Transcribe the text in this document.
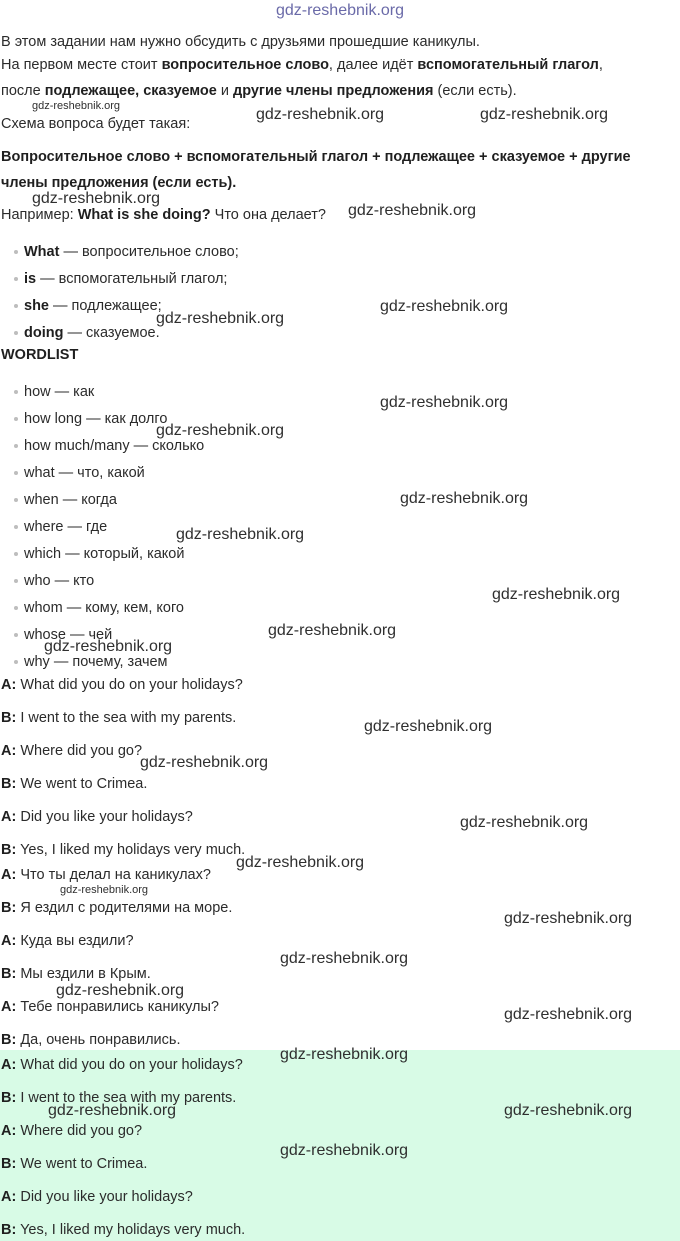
gdz-reshebnik.org
В этом задании нам нужно обсудить с друзьями прошедшие каникулы.
На первом месте стоит вопросительное слово, далее идёт вспомогательный глагол,
после подлежащее, сказуемое и другие члены предложения (если есть).
Схема вопроса будет такая:
Вопросительное слово + вспомогательный глагол + подлежащее + сказуемое + другие
члены предложения (если есть).
Например: What is she doing? Что она делает?
What — вопросительное слово;
is — вспомогательный глагол;
she — подлежащее;
doing — сказуемое.
WORDLIST
how — как
how long — как долго
how much/many — сколько
what — что, какой
when — когда
where — где
which — который, какой
who — кто
whom — кому, кем, кого
whose — чей
why — почему, зачем
A: What did you do on your holidays?
B: I went to the sea with my parents.
A: Where did you go?
B: We went to Crimea.
A: Did you like your holidays?
B: Yes, I liked my holidays very much.
A: Что ты делал на каникулах?
B: Я ездил с родителями на море.
A: Куда вы ездили?
B: Мы ездили в Крым.
A: Тебе понравились каникулы?
B: Да, очень понравились.
A: What did you do on your holidays?
B: I went to the sea with my parents.
A: Where did you go?
B: We went to Crimea.
A: Did you like your holidays?
B: Yes, I liked my holidays very much.
gdz-reshebnik.org	gdz-reshebnik.org	gdz-reshebnik.org
gdz-reshebnik.org
gdz-reshebnik.org
gdz-reshebnik.org
gdz-reshebnik.org
gdz-reshebnik.org
gdz-reshebnik.org
gdz-reshebnik.org
gdz-reshebnik.org
gdz-reshebnik.org
gdz-reshebnik.org
gdz-reshebnik.org
gdz-reshebnik.org
gdz-reshebnik.org
gdz-reshebnik.org
gdz-reshebnik.org
gdz-reshebnik.org
gdz-reshebnik.org
gdz-reshebnik.org
gdz-reshebnik.org
gdz-reshebnik.org
gdz-reshebnik.org
gdz-reshebnik.org	gdz-reshebnik.org
gdz-reshebnik.org
